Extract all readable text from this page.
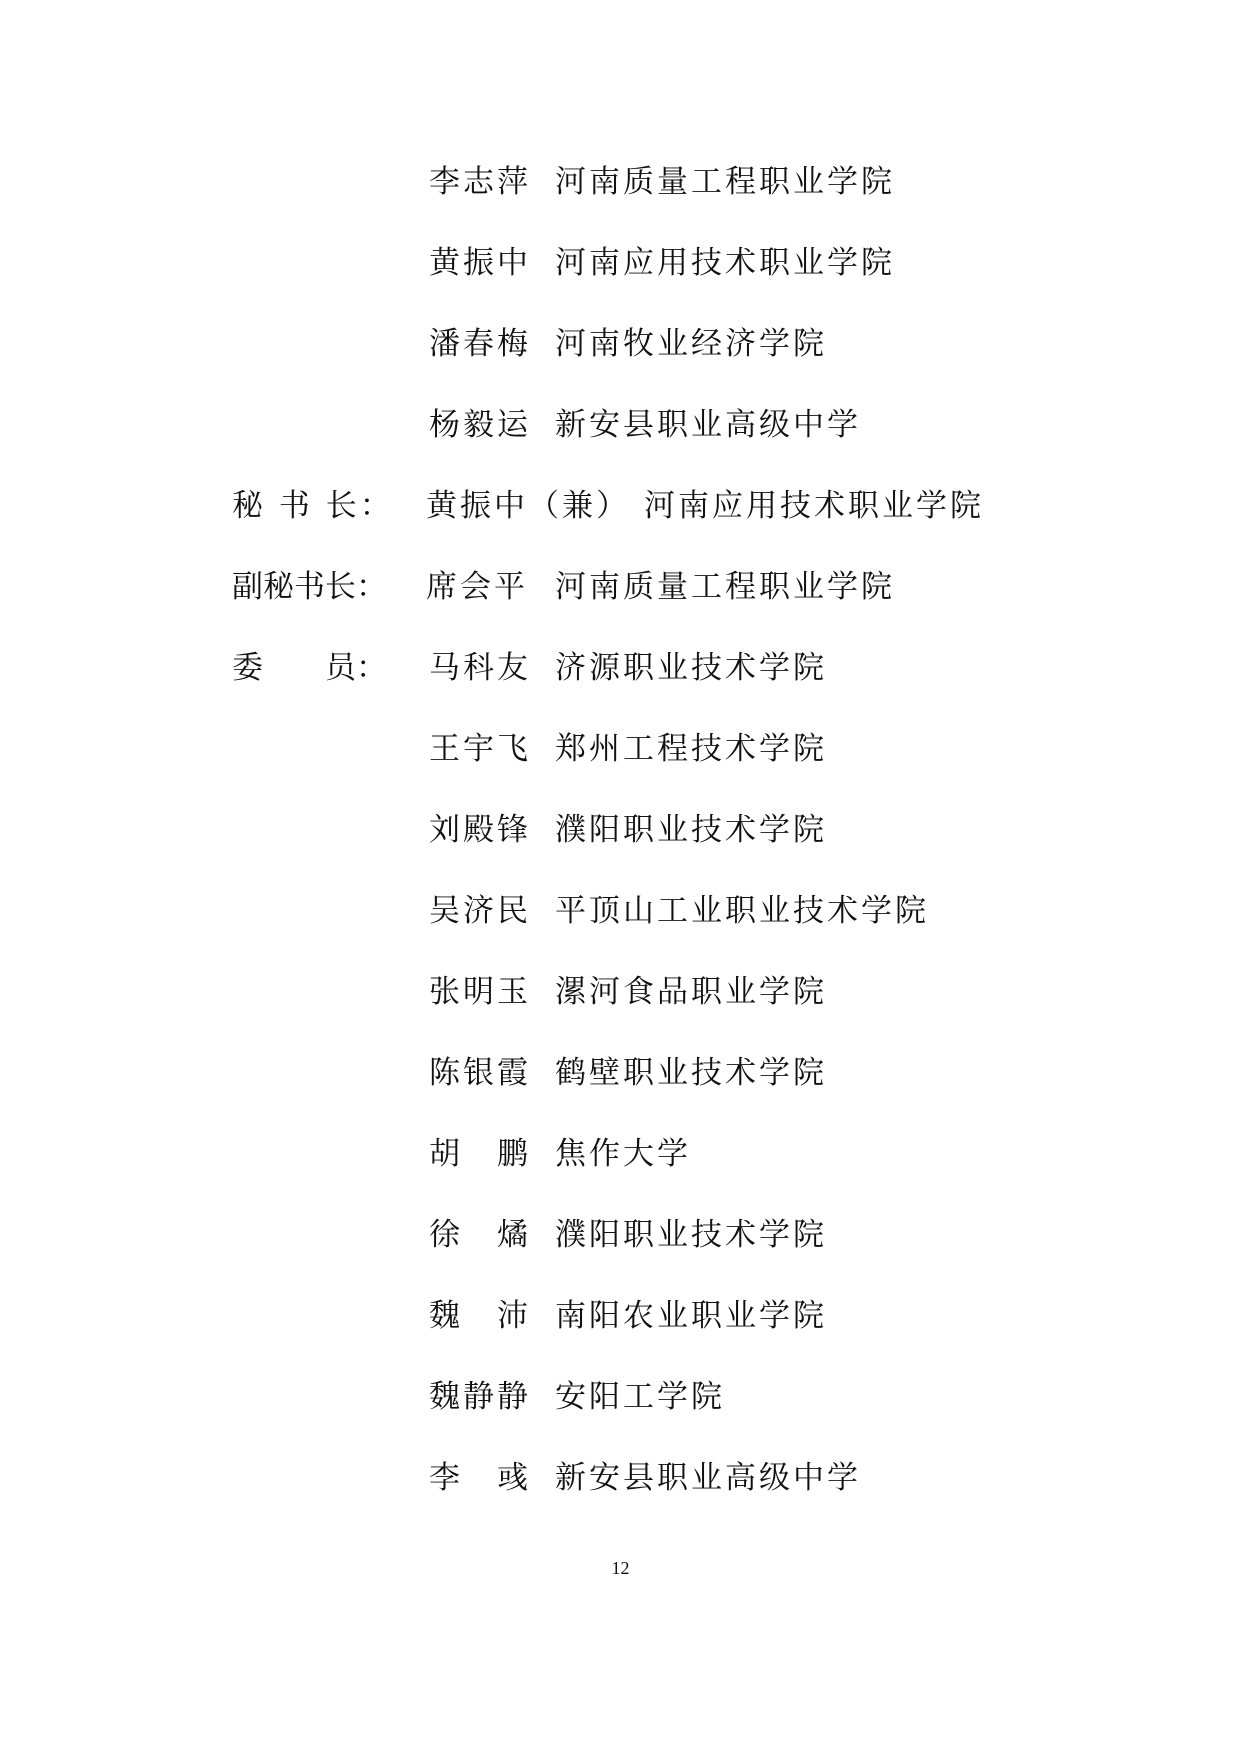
李志萍 河南质量工程职业学院
黄振中 河南应用技术职业学院
潘春梅 河南牧业经济学院
杨毅运 新安县职业高级中学
秘 书 长： 黄振中（兼） 河南应用技术职业学院
副秘书长： 席会平 河南质量工程职业学院
委　　员： 马科友 济源职业技术学院
王宇飞 郑州工程技术学院
刘殿锋 濮阳职业技术学院
吴济民 平顶山工业职业技术学院
张明玉 漯河食品职业学院
陈银霞 鹤壁职业技术学院
胡　鹏 焦作大学
徐　燏 濮阳职业技术学院
魏　沛 南阳农业职业学院
魏静静 安阳工学院
李　彧 新安县职业高级中学
12
